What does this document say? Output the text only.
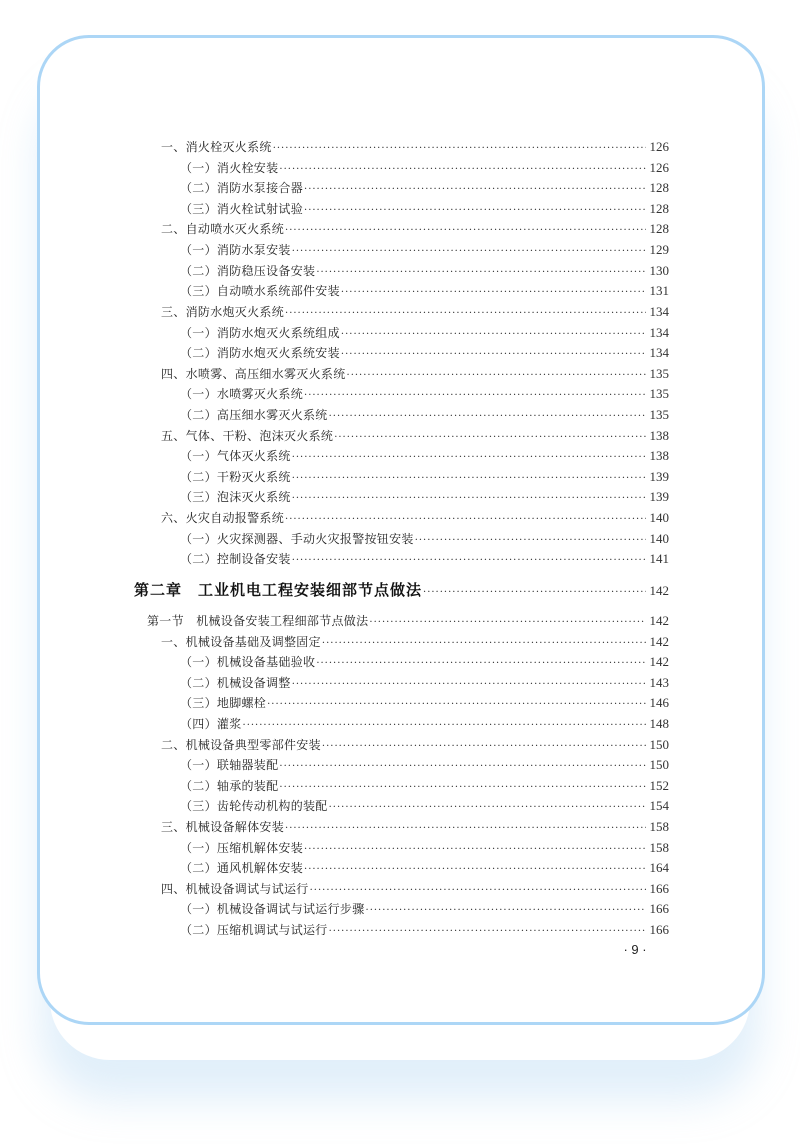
一、消火栓灭火系统 ·····	126
（一）消火栓安装 ·····	126
（二）消防水泵接合器 ·····	128
（三）消火栓试射试验 ·····	128
二、自动喷水灭火系统 ·····	128
（一）消防水泵安装 ·····	129
（二）消防稳压设备安装 ·····	130
（三）自动喷水系统部件安装 ·····	131
三、消防水炮灭火系统 ·····	134
（一）消防水炮灭火系统组成 ·····	134
（二）消防水炮灭火系统安装 ·····	134
四、水喷雾、高压细水雾灭火系统 ·····	135
（一）水喷雾灭火系统 ·····	135
（二）高压细水雾灭火系统 ·····	135
五、气体、干粉、泡沫灭火系统 ·····	138
（一）气体灭火系统 ·····	138
（二）干粉灭火系统 ·····	139
（三）泡沫灭火系统 ·····	139
六、火灾自动报警系统 ·····	140
（一）火灾探测器、手动火灾报警按钮安装 ·····	140
（二）控制设备安装 ·····	141
第二章　工业机电工程安装细部节点做法 ·····	142
第一节　机械设备安装工程细部节点做法 ·····	142
一、机械设备基础及调整固定 ·····	142
（一）机械设备基础验收 ·····	142
（二）机械设备调整 ·····	143
（三）地脚螺栓 ·····	146
（四）灌浆 ·····	148
二、机械设备典型零部件安装 ·····	150
（一）联轴器装配 ·····	150
（二）轴承的装配 ·····	152
（三）齿轮传动机构的装配 ·····	154
三、机械设备解体安装 ·····	158
（一）压缩机解体安装 ·····	158
（二）通风机解体安装 ·····	164
四、机械设备调试与试运行 ·····	166
（一）机械设备调试与试运行步骤 ·····	166
（二）压缩机调试与试运行 ·····	166
· 9 ·
